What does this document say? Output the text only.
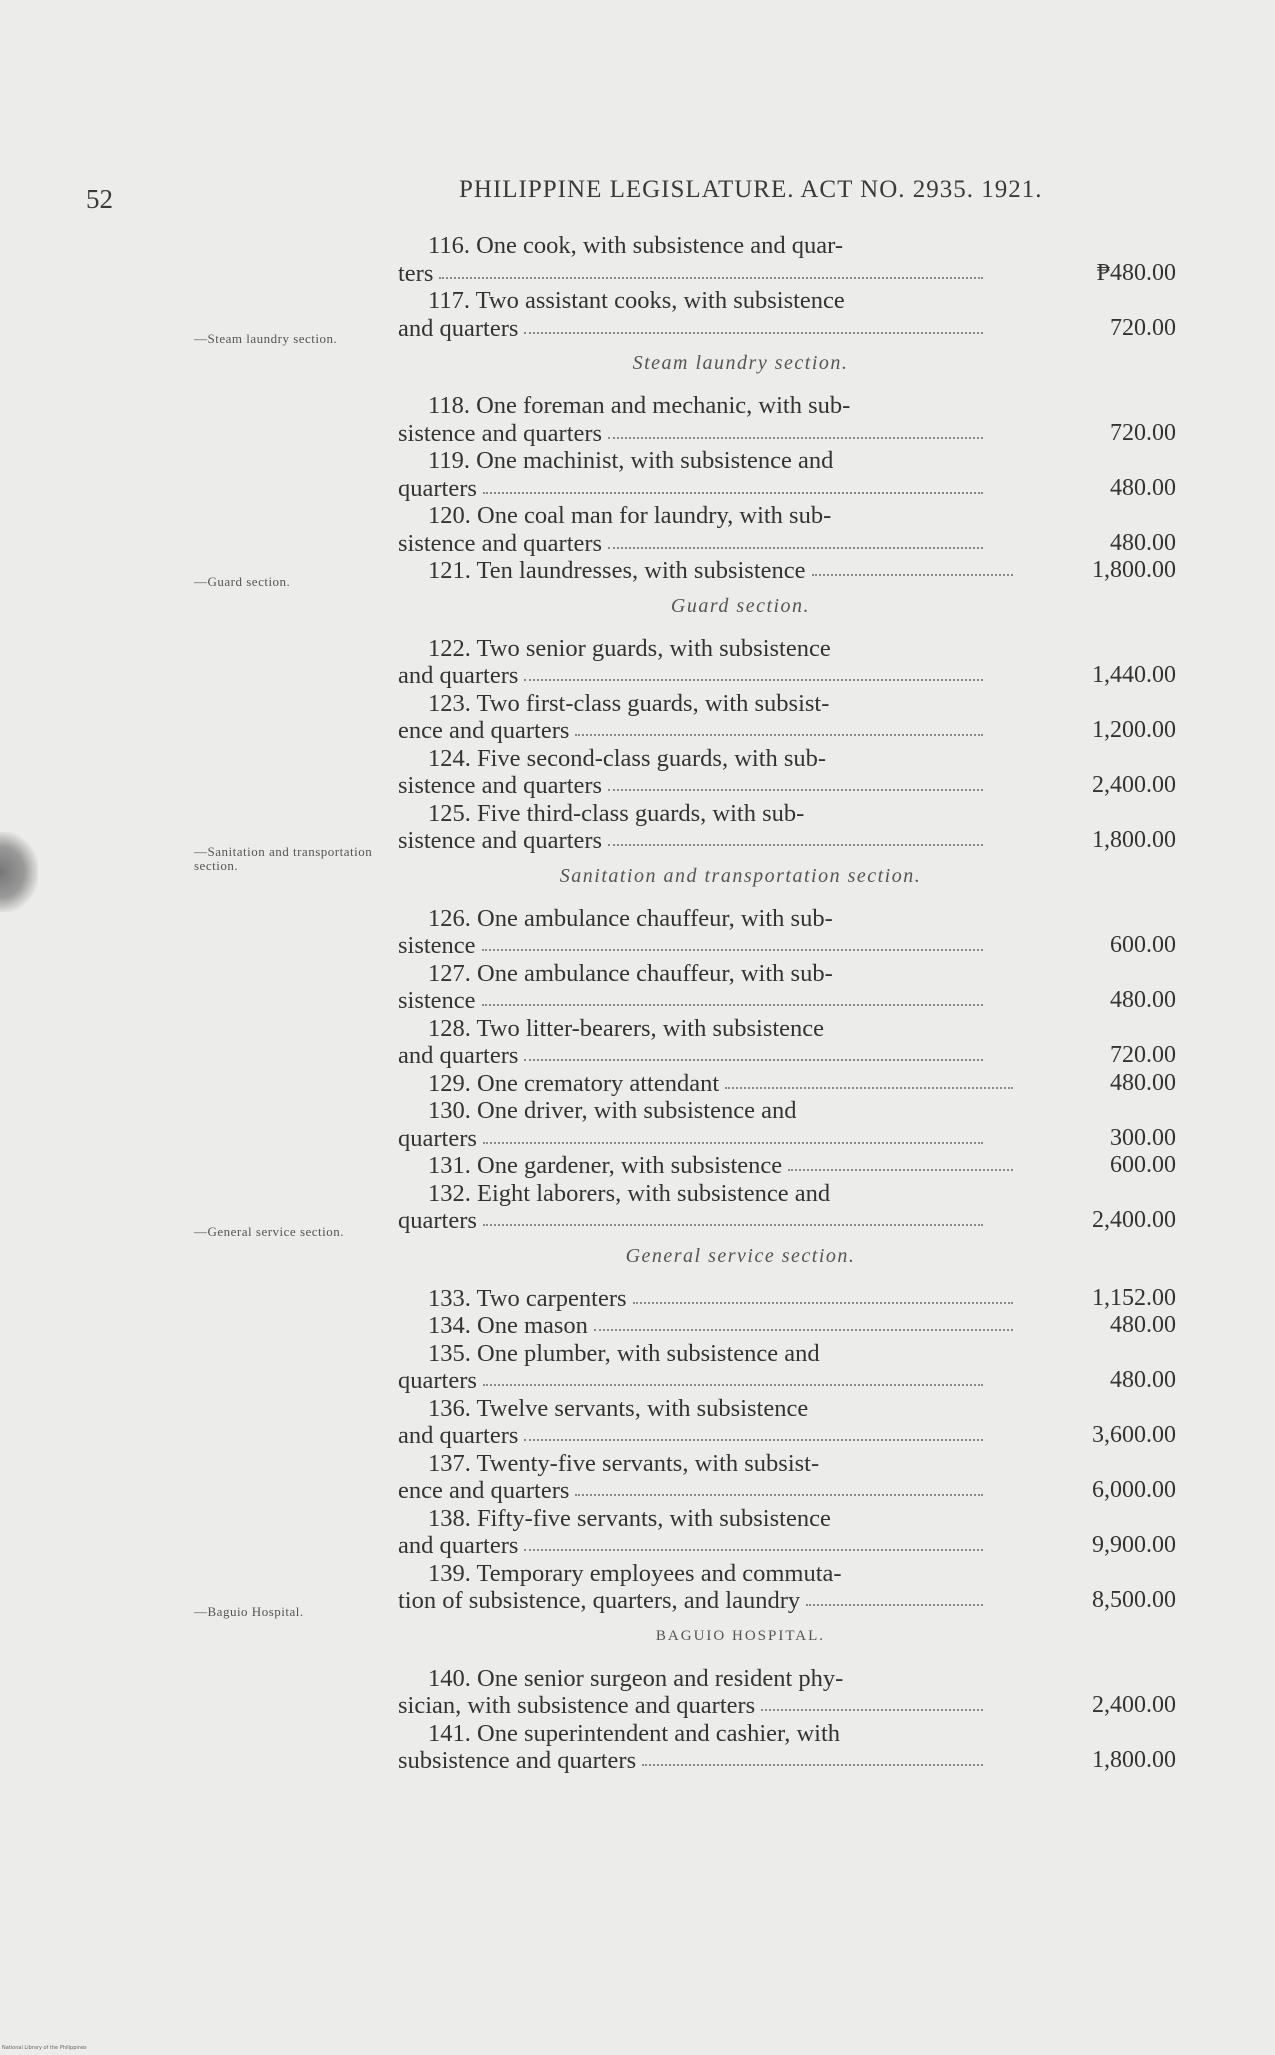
52	PHILIPPINE LEGISLATURE. ACT NO. 2935. 1921.
116. One cook, with subsistence and quar-
ters	₱480.00
117. Two assistant cooks, with subsistence
and quarters	720.00
Steam laundry section.
118. One foreman and mechanic, with sub-
sistence and quarters	720.00
119. One machinist, with subsistence and
quarters	480.00
120. One coal man for laundry, with sub-
sistence and quarters	480.00
121. Ten laundresses, with subsistence	1,800.00
Guard section.
122. Two senior guards, with subsistence
and quarters	1,440.00
123. Two first-class guards, with subsist-
ence and quarters	1,200.00
124. Five second-class guards, with sub-
sistence and quarters	2,400.00
125. Five third-class guards, with sub-
sistence and quarters	1,800.00
Sanitation and transportation section.
126. One ambulance chauffeur, with sub-
sistence	600.00
127. One ambulance chauffeur, with sub-
sistence	480.00
128. Two litter-bearers, with subsistence
and quarters	720.00
129. One crematory attendant	480.00
130. One driver, with subsistence and
quarters	300.00
131. One gardener, with subsistence	600.00
132. Eight laborers, with subsistence and
quarters	2,400.00
General service section.
133. Two carpenters	1,152.00
134. One mason	480.00
135. One plumber, with subsistence and
quarters	480.00
136. Twelve servants, with subsistence
and quarters	3,600.00
137. Twenty-five servants, with subsist-
ence and quarters	6,000.00
138. Fifty-five servants, with subsistence
and quarters	9,900.00
139. Temporary employees and commuta-
tion of subsistence, quarters, and laundry	8,500.00
BAGUIO HOSPITAL.
140. One senior surgeon and resident phy-
sician, with subsistence and quarters	2,400.00
141. One superintendent and cashier, with
subsistence and quarters	1,800.00
—Steam laundry section.
—Guard section.
—Sanitation and transportation section.
—General service section.
—Baguio Hospital.
National Library of the Philippines
